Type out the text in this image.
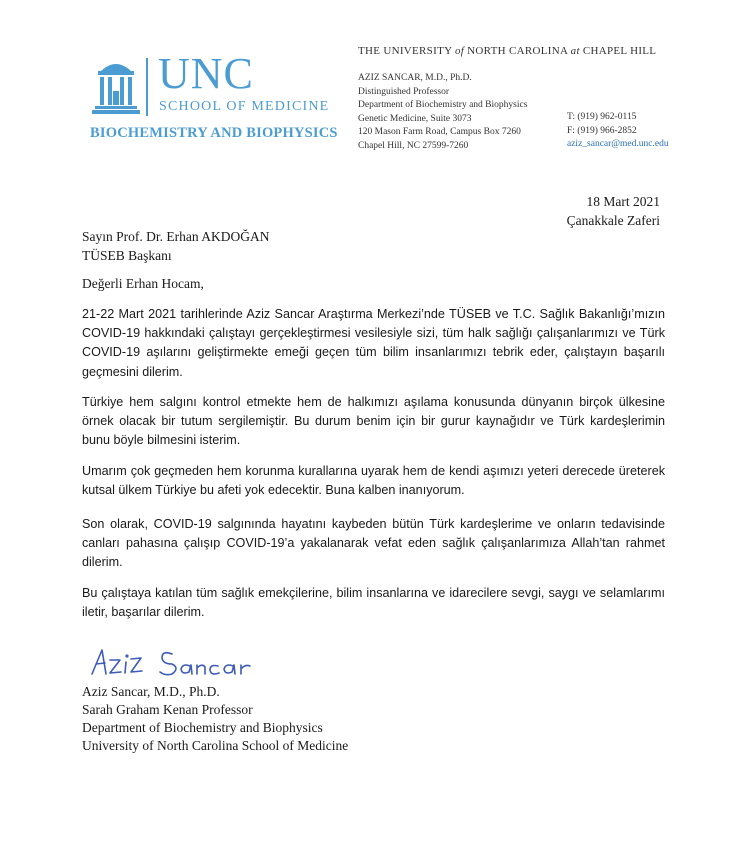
UNC
SCHOOL OF MEDICINE
BIOCHEMISTRY AND BIOPHYSICS
THE UNIVERSITY of NORTH CAROLINA at CHAPEL HILL
AZIZ SANCAR, M.D., Ph.D.
Distinguished Professor
Department of Biochemistry and Biophysics
Genetic Medicine, Suite 3073
120 Mason Farm Road, Campus Box 7260
Chapel Hill, NC 27599-7260
T: (919) 962-0115
F: (919) 966-2852
aziz_sancar@med.unc.edu
18 Mart 2021
Çanakkale Zaferi
Sayın Prof. Dr. Erhan AKDOĞAN
TÜSEB Başkanı
Değerli Erhan Hocam,
21-22 Mart 2021 tarihlerinde Aziz Sancar Araştırma Merkezi’nde TÜSEB ve T.C. Sağlık Bakanlığı’mızın COVID-19 hakkındaki çalıştayı gerçekleştirmesi vesilesiyle sizi, tüm halk sağlığı çalışanlarımızı ve Türk COVID-19 aşılarını geliştirmekte emeği geçen tüm bilim insanlarımızı tebrik eder, çalıştayın başarılı geçmesini dilerim.
Türkiye hem salgını kontrol etmekte hem de halkımızı aşılama konusunda dünyanın birçok ülkesine örnek olacak bir tutum sergilemiştir. Bu durum benim için bir gurur kaynağıdır ve Türk kardeşlerimin bunu böyle bilmesini isterim.
Umarım çok geçmeden hem korunma kurallarına uyarak hem de kendi aşımızı yeteri derecede üreterek kutsal ülkem Türkiye bu afeti yok edecektir. Buna kalben inanıyorum.
Son olarak, COVID-19 salgınında hayatını kaybeden bütün Türk kardeşlerime ve onların tedavisinde canları pahasına çalışıp COVID-19’a yakalanarak vefat eden sağlık çalışanlarımıza Allah’tan rahmet dilerim.
Bu çalıştaya katılan tüm sağlık emekçilerine, bilim insanlarına ve idarecilere sevgi, saygı ve selamlarımı iletir, başarılar dilerim.
Aziz Sancar, M.D., Ph.D.
Sarah Graham Kenan Professor
Department of Biochemistry and Biophysics
University of North Carolina School of Medicine
